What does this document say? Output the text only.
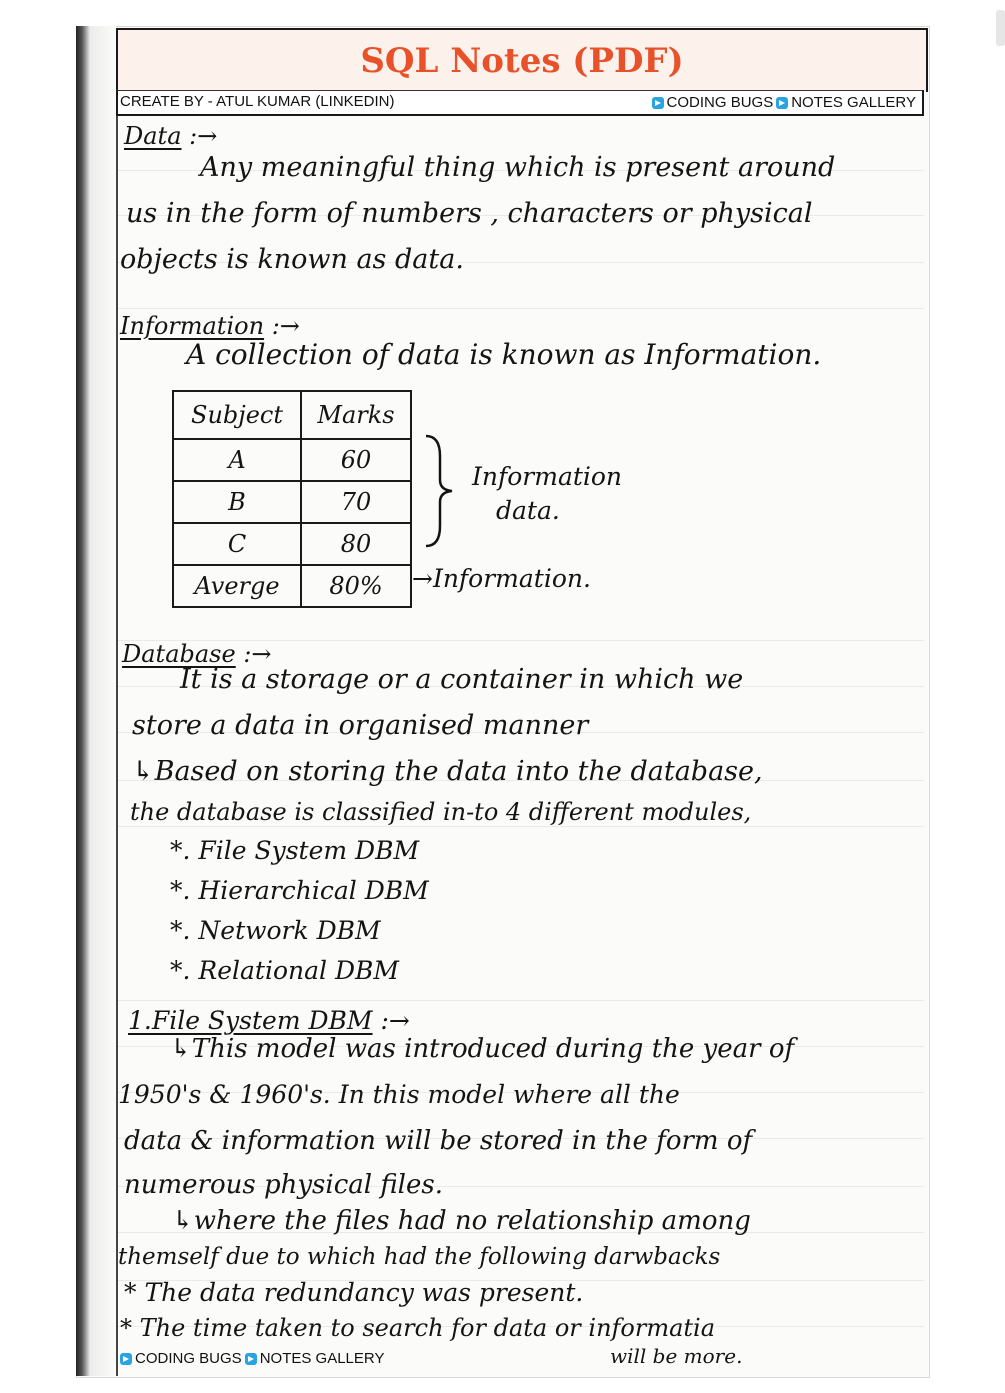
SQL Notes (PDF)
CREATE BY - ATUL KUMAR (LINKEDIN)	CODING BUGS NOTES GALLERY
Data :→
Any meaningful thing which is present around
us in the form of numbers , characters or physical
objects is known as data.
Information :→
A collection of data is known as Information.
Subject	Marks
A	60
B	70
C	80
Averge	80%
Information
data.
→Information.
Database :→
It is a storage or a container in which we
store a data in organised manner
↳Based on storing the data into the database,
the database is classified in-to 4 different modules,
*. File System DBM
*. Hierarchical DBM
*. Network DBM
*. Relational DBM
1.File System DBM :→
↳This model was introduced during the year of
1950's & 1960's. In this model where all the
data & information will be stored in the form of
numerous physical files.
↳where the files had no relationship among
themself due to which had the following darwbacks
* The data redundancy was present.
* The time taken to search for data or informatia
will be more.
CODING BUGS NOTES GALLERY
